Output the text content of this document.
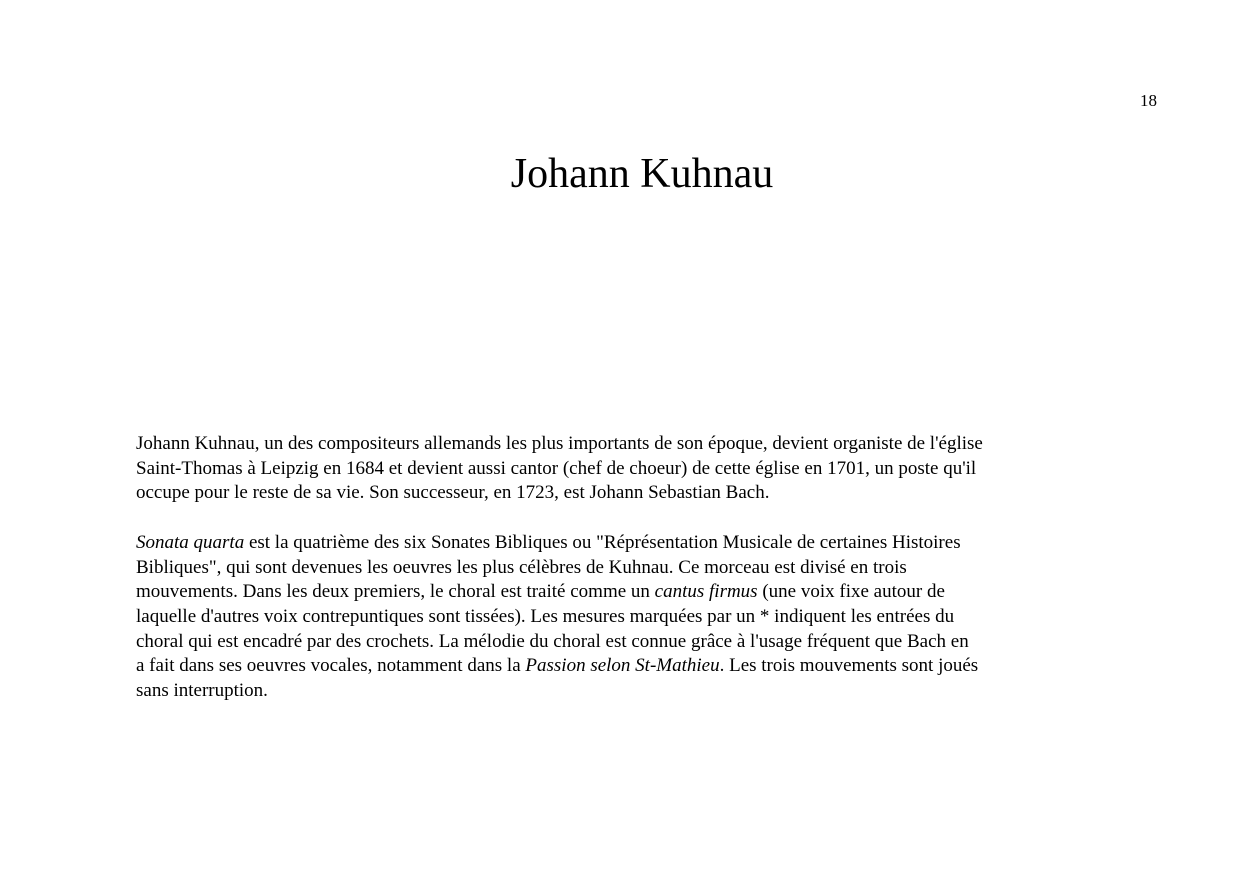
18
Johann Kuhnau

Johann Kuhnau, un des compositeurs allemands les plus importants de son époque, devient organiste de l'église
Saint-Thomas à Leipzig en 1684 et devient aussi cantor (chef de choeur) de cette église en 1701, un poste qu'il
occupe pour le reste de sa vie. Son successeur, en 1723, est Johann Sebastian Bach.

Sonata quarta est la quatrième des six Sonates Bibliques ou "Réprésentation Musicale de certaines Histoires
Bibliques", qui sont devenues les oeuvres les plus célèbres de Kuhnau. Ce morceau est divisé en trois
mouvements. Dans les deux premiers, le choral est traité comme un cantus firmus (une voix fixe autour de
laquelle d'autres voix contrepuntiques sont tissées). Les mesures marquées par un * indiquent les entrées du
choral qui est encadré par des crochets. La mélodie du choral est connue grâce à l'usage fréquent que Bach en
a fait dans ses oeuvres vocales, notamment dans la Passion selon St-Mathieu. Les trois mouvements sont joués
sans interruption.
